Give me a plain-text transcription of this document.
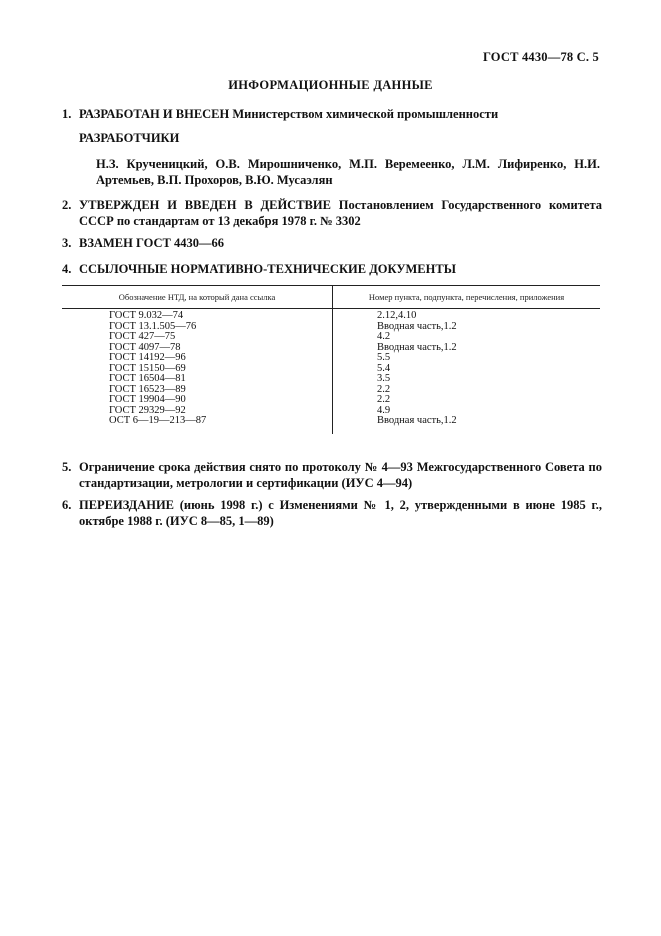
ГОСТ 4430—78 С. 5
ИНФОРМАЦИОННЫЕ ДАННЫЕ
1. РАЗРАБОТАН И ВНЕСЕН Министерством химической промышленности
РАЗРАБОТЧИКИ
Н.З. Крученицкий, О.В. Мирошниченко, М.П. Веремеенко, Л.М. Лифиренко, Н.И. Артемьев, В.П. Прохоров, В.Ю. Мусаэлян
2. УТВЕРЖДЕН И ВВЕДЕН В ДЕЙСТВИЕ Постановлением Государственного комитета СССР по стандартам от 13 декабря 1978 г. № 3302
3. ВЗАМЕН ГОСТ 4430—66
4. ССЫЛОЧНЫЕ НОРМАТИВНО-ТЕХНИЧЕСКИЕ ДОКУМЕНТЫ
Обозначение НТД, на который дана ссылка	Номер пункта, подпункта, перечисления, приложения
ГОСТ 9.032—74
ГОСТ 13.1.505—76
ГОСТ 427—75
ГОСТ 4097—78
ГОСТ 14192—96
ГОСТ 15150—69
ГОСТ 16504—81
ГОСТ 16523—89
ГОСТ 19904—90
ГОСТ 29329—92
ОСТ 6—19—213—87
2.12,4.10
Вводная часть,1.2
4.2
Вводная часть,1.2
5.5
5.4
3.5
2.2
2.2
4.9
Вводная часть,1.2
5. Ограничение срока действия снято по протоколу № 4—93 Межгосударственного Совета по стандартизации, метрологии и сертификации (ИУС 4—94)
6. ПЕРЕИЗДАНИЕ (июнь 1998 г.) с Изменениями № 1, 2, утвержденными в июне 1985 г., октябре 1988 г. (ИУС 8—85, 1—89)
